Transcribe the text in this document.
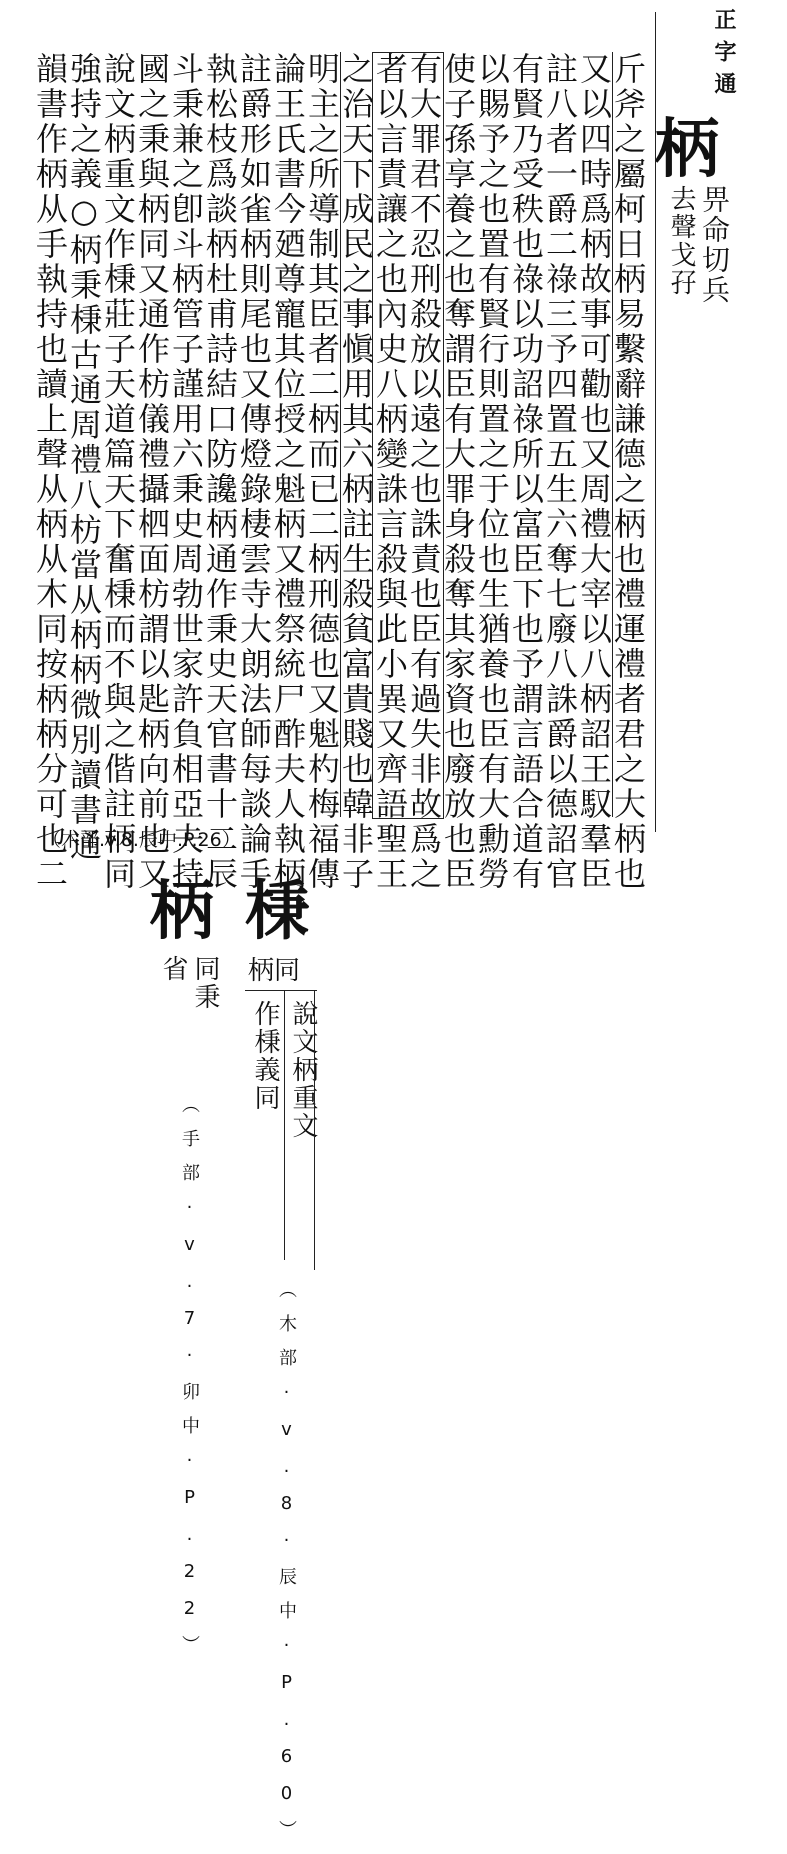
正字通
柄
畀命切兵
去聲戈孖
斤斧之屬柯日柄易繫辭謙德之柄也禮運禮者君之大柄也
又以四時爲柄故事可勸也又周禮大宰以八柄詔王馭羣臣
註八者一爵二祿三予四置五生六奪七廢八誅爵以德詔官
有賢乃受秩也祿以功詔祿所以富臣下也予謂言語合道有
以賜予之也置有賢行則置之于位也生猶養也臣有大勳勞
使子孫享養之也奪謂臣有大罪身殺奪其家資也廢放也臣
有大罪君不忍刑殺放以遠之也誅責也臣有過失非故爲之
者以言責讓之也內史八柄變誅言殺與此小異又齊語聖王
之治天下成民之事愼用其六柄註生殺貧富貴賤也韓非子
明主之所導制其臣者二柄而已二柄刑德也又魁杓梅福傳
論王氏書今廼尊寵其位授之魁柄又禮祭統尸酢夫人執柄
註爵形如雀柄則尾也又傳燈錄棲雲寺大朗法師每談論手
執松枝爲談柄杜甫詩結口防讒柄通作秉史天官書十二辰
斗秉兼之卽斗柄管子謹用六秉史周勃世家許負相亞夫持
國之秉與柄同又通作枋儀禮攝柶面枋謂以匙柄向前也又
說文柄重文作棅莊子天道篇天下奮棅而不與之偕註柄同
強持之義○柄秉棅古通周禮八枋當从柄柄微別讀書通
韻書作柄从手執持也讀上聲从柄从木同按柄柄分可也二
（木部.v.8.辰中.P.26）
棅
柄同
說文柄重文
作棅義同
（木部·v.8·辰中·P.60）
柄
同秉
省
（手部·v.7·卯中·P.22）
